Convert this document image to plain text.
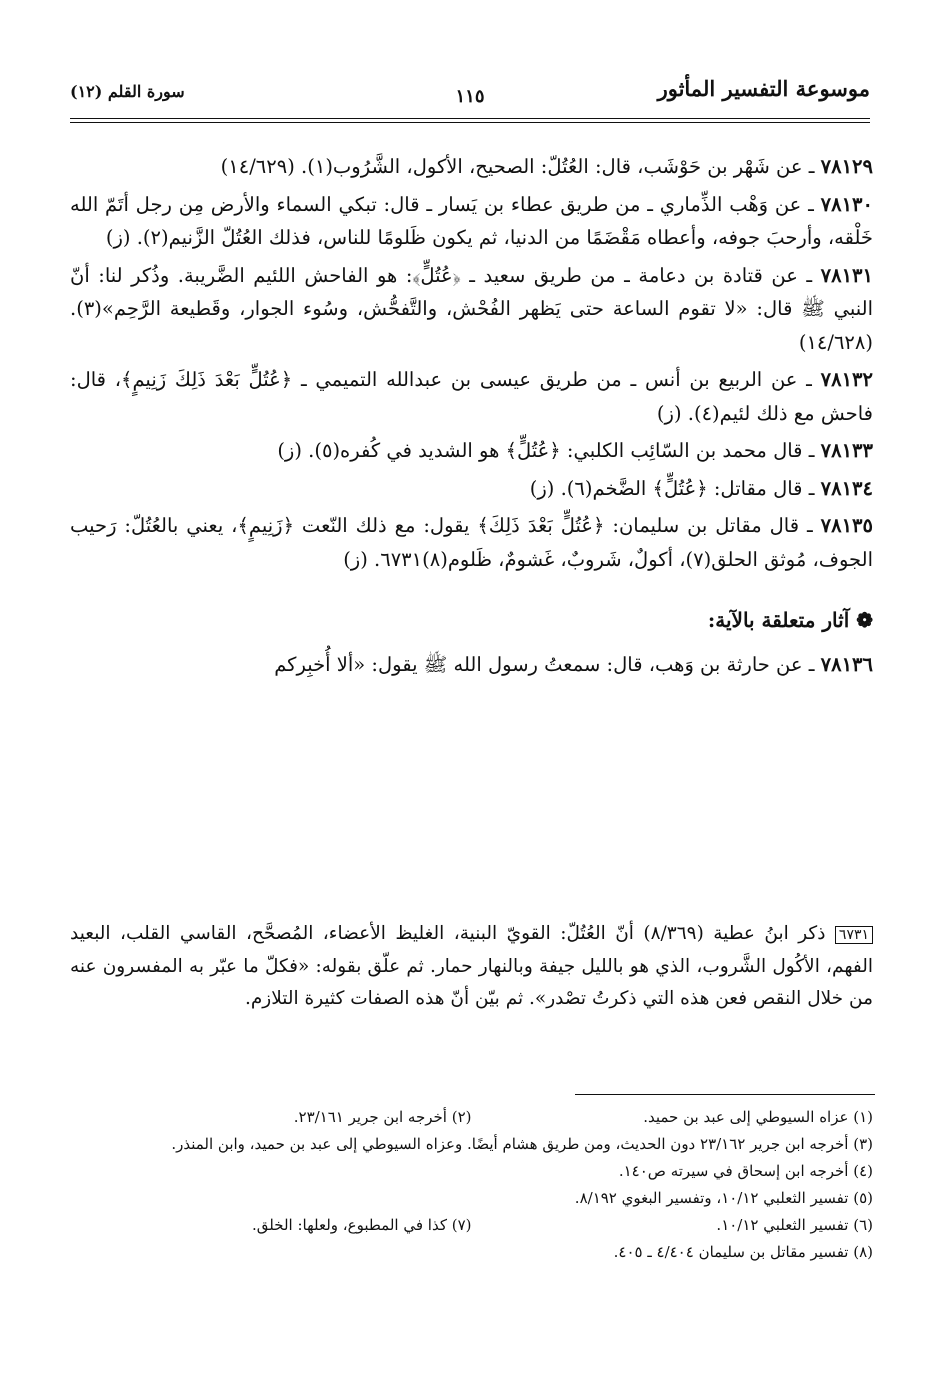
موسوعة التفسير المأثور
١١٥
سورة القلم (١٢)

٧٨١٢٩ ـ عن شَهْر بن حَوْشَب، قال: العُتُلّ: الصحيح، الأكول، الشَّرُوب(١). (١٤/٦٢٩)

٧٨١٣٠ ـ عن وَهْب الذِّماري ـ من طريق عطاء بن يَسار ـ قال: تبكي السماء والأرض مِن رجل أتَمّ الله خَلْقه، وأرحبَ جوفه، وأعطاه مَقْضَمًا من الدنيا، ثم يكون ظَلومًا للناس، فذلك العُتُلّ الزَّنيم(٢). (ز)

٧٨١٣١ ـ عن قتادة بن دعامة ـ من طريق سعيد ـ ﴿عُتُلٍّ﴾: هو الفاحش اللئيم الضَّريبة. وذُكر لنا: أنّ النبي ﷺ قال: «لا تقوم الساعة حتى يَظهر الفُحْش، والتَّفحُّش، وسُوء الجوار، وقَطيعة الرَّحِم»(٣). (١٤/٦٢٨)

٧٨١٣٢ ـ عن الربيع بن أنس ـ من طريق عيسى بن عبدالله التميمي ـ ﴿عُتُلٍّ بَعْدَ ذَلِكَ زَنِيمٍ﴾، قال: فاحش مع ذلك لئيم(٤). (ز)

٧٨١٣٣ ـ قال محمد بن السّائِب الكلبي: ﴿عُتُلٍّ﴾ هو الشديد في كُفره(٥). (ز)

٧٨١٣٤ ـ قال مقاتل: ﴿عُتُلٍّ﴾ الضَّخم(٦). (ز)

٧٨١٣٥ ـ قال مقاتل بن سليمان: ﴿عُتُلٍّ بَعْدَ ذَلِكَ﴾ يقول: مع ذلك النّعت ﴿زَنِيمٍ﴾، يعني بالعُتُلّ: رَحيب الجوف، مُوثق الحلق(٧)، أكولٌ، شَروبٌ، غَشومٌ، ظَلوم(٨)٦٧٣١. (ز)

❁ آثار متعلقة بالآية:

٧٨١٣٦ ـ عن حارثة بن وَهب، قال: سمعتُ رسول الله ﷺ يقول: «ألا أُخبِركم

٦٧٣١ ذكر ابنُ عطية (٨/٣٦٩) أنّ العُتُلّ: القويّ البنية، الغليظ الأعضاء، المُصحَّح، القاسي القلب، البعيد الفهم، الأكُول الشَّروب، الذي هو بالليل جيفة وبالنهار حمار. ثم علّق بقوله: «فكلّ ما عبّر به المفسرون عنه من خلال النقص فعن هذه التي ذكرتُ تصْدر». ثم بيّن أنّ هذه الصفات كثيرة التلازم.
(١) عزاه السيوطي إلى عبد بن حميد.
(٢) أخرجه ابن جرير ٢٣/١٦١.
(٣) أخرجه ابن جرير ٢٣/١٦٢ دون الحديث، ومن طريق هشام أيضًا. وعزاه السيوطي إلى عبد بن حميد، وابن المنذر.
(٤) أخرجه ابن إسحاق في سيرته ص١٤٠.
(٥) تفسير الثعلبي ١٠/١٢، وتفسير البغوي ٨/١٩٢.
(٦) تفسير الثعلبي ١٠/١٢.
(٧) كذا في المطبوع، ولعلها: الخلق.
(٨) تفسير مقاتل بن سليمان ٤/٤٠٤ ـ ٤٠٥.
